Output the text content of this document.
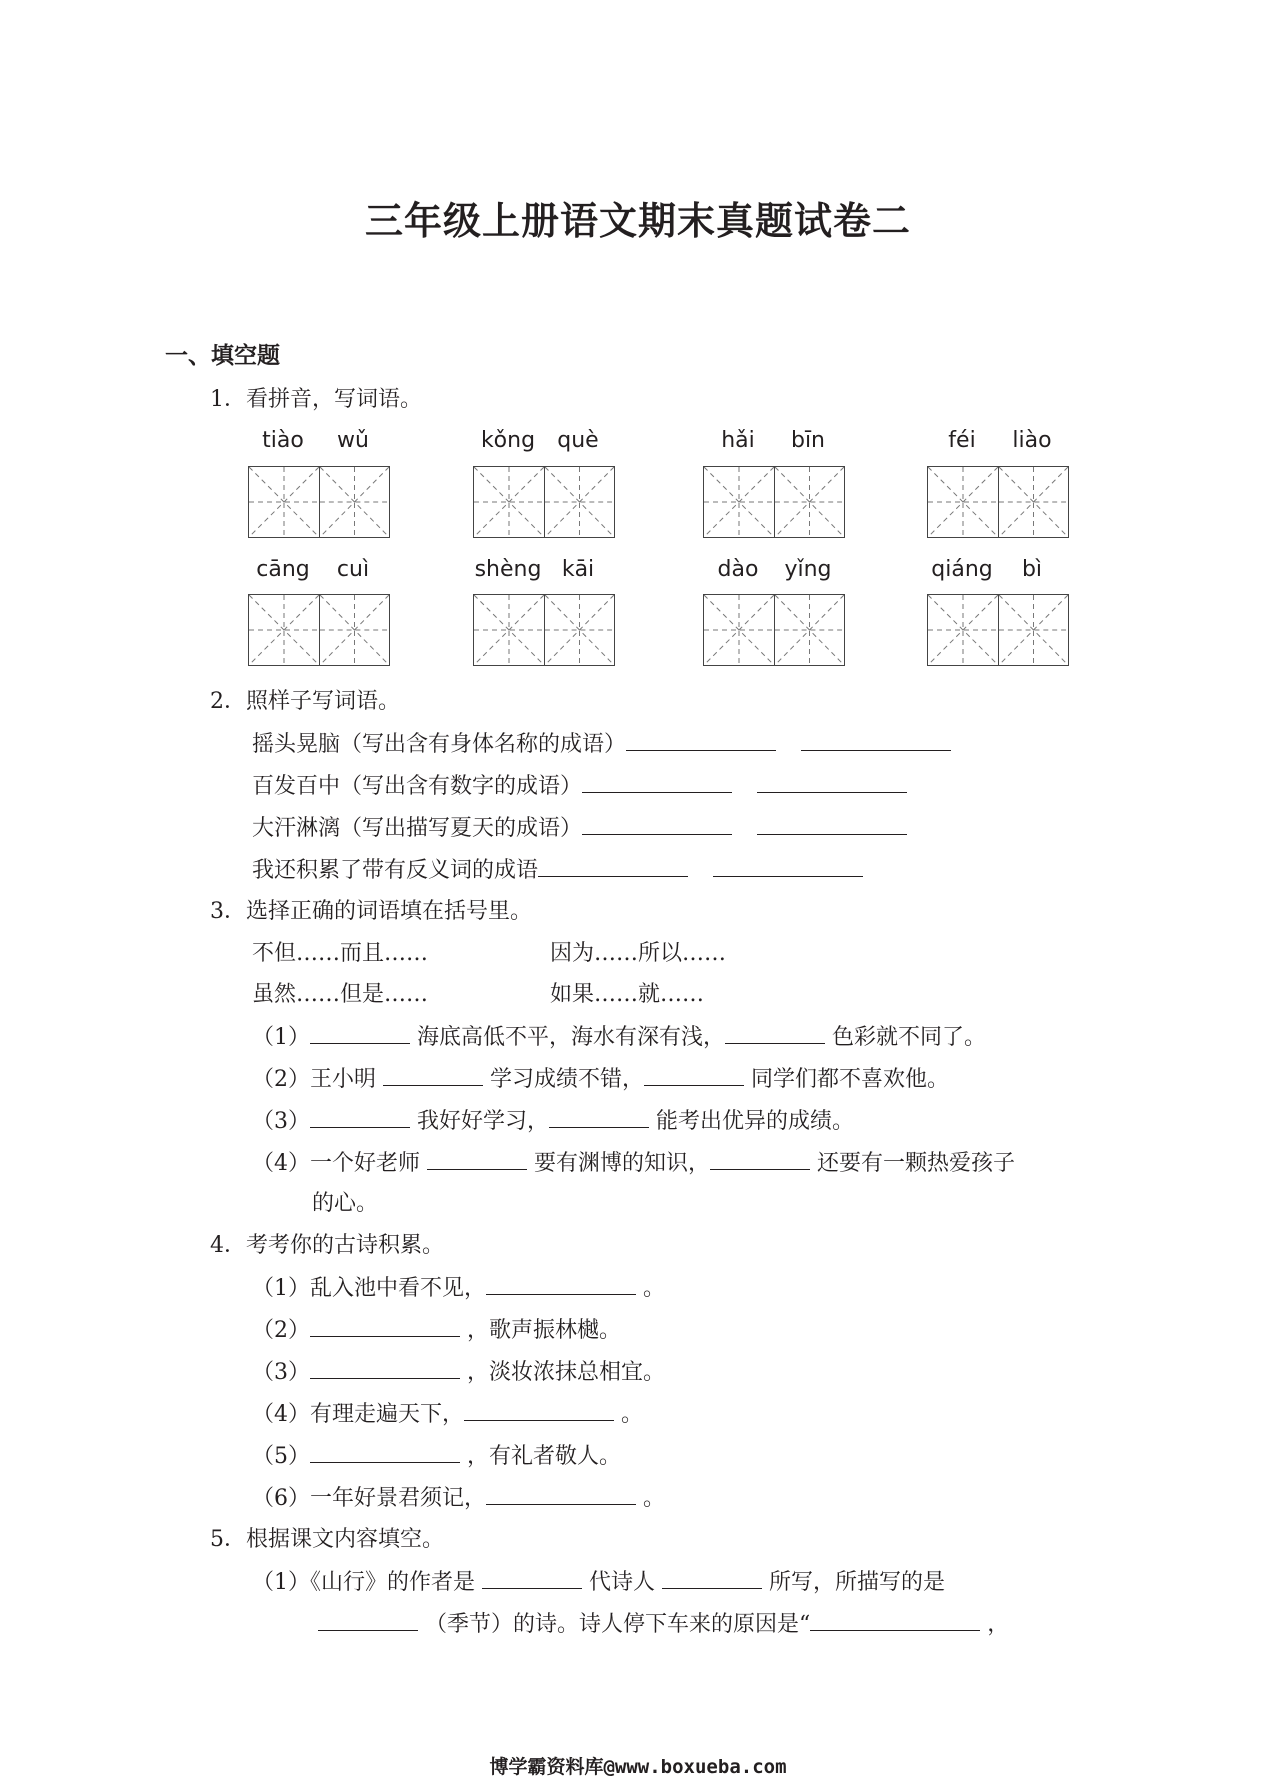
三年级上册语文期末真题试卷二
一、填空题
1．看拼音，写词语。
tiào	wǔ	kǒng	què	hǎi	bīn	féi	liào
cāng	cuì	shèng kāi	dào	yǐng	qiáng	bì
2．照样子写词语。
摇头晃脑（写出含有身体名称的成语）
百发百中（写出含有数字的成语）
大汗淋漓（写出描写夏天的成语）
我还积累了带有反义词的成语
3．选择正确的词语填在括号里。
不但……而且……	因为……所以……
虽然……但是……	如果……就……
（1）	海底高低不平，海水有深有浅，	色彩就不同了。
（2）王小明	学习成绩不错，	同学们都不喜欢他。
（3）	我好好学习，	能考出优异的成绩。
（4）一个好老师	要有渊博的知识，	还要有一颗热爱孩子
的心。
4．考考你的古诗积累。
（1）乱入池中看不见，	。
（2）	，歌声振林樾。
（3）	，淡妆浓抹总相宜。
（4）有理走遍天下，	。
（5）	，有礼者敬人。
（6）一年好景君须记，	。
5．根据课文内容填空。
（1）《山行》的作者是	代诗人	所写，所描写的是
（季节）的诗。诗人停下车来的原因是“	，
博学霸资料库@www.boxueba.com
